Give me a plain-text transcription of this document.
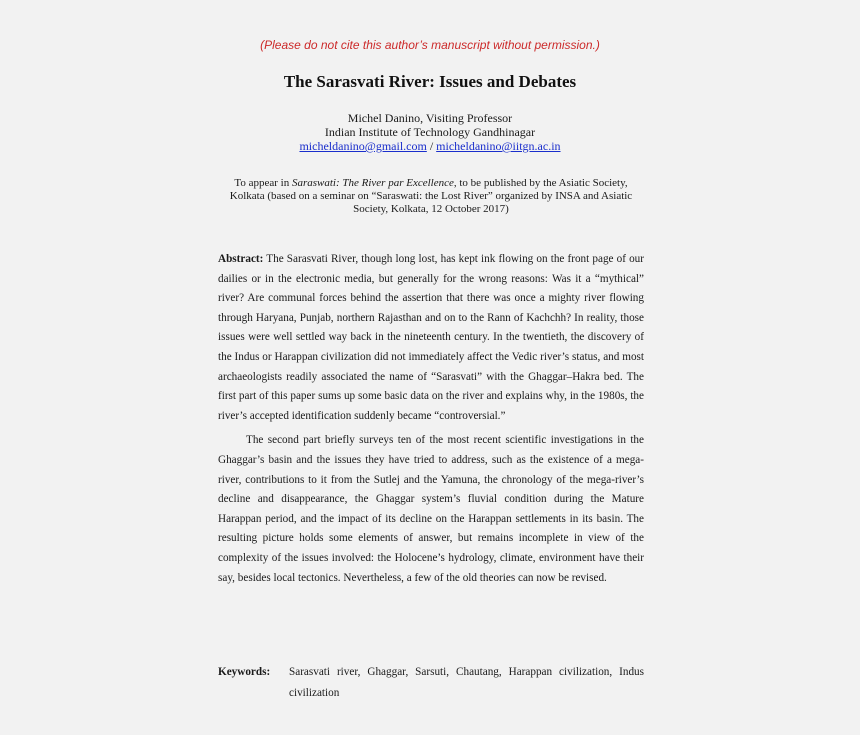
(Please do not cite this author’s manuscript without permission.)
The Sarasvati River: Issues and Debates
Michel Danino, Visiting Professor
Indian Institute of Technology Gandhinagar
micheldanino@gmail.com / micheldanino@iitgn.ac.in
To appear in Saraswati: The River par Excellence, to be published by the Asiatic Society, Kolkata (based on a seminar on “Saraswati: the Lost River” organized by INSA and Asiatic Society, Kolkata, 12 October 2017)

Abstract: The Sarasvati River, though long lost, has kept ink flowing on the front page of our dailies or in the electronic media, but generally for the wrong reasons: Was it a “mythical” river? Are communal forces behind the assertion that there was once a mighty river flowing through Haryana, Punjab, northern Rajasthan and on to the Rann of Kachchh? In reality, those issues were well settled way back in the nineteenth century. In the twentieth, the discovery of the Indus or Harappan civilization did not immediately affect the Vedic river’s status, and most archaeologists readily associated the name of “Sarasvati” with the Ghaggar–Hakra bed. The first part of this paper sums up some basic data on the river and explains why, in the 1980s, the river’s accepted identification suddenly became “controversial.”

The second part briefly surveys ten of the most recent scientific investigations in the Ghaggar’s basin and the issues they have tried to address, such as the existence of a mega-river, contributions to it from the Sutlej and the Yamuna, the chronology of the mega-river’s decline and disappearance, the Ghaggar system’s fluvial condition during the Mature Harappan period, and the impact of its decline on the Harappan settlements in its basin. The resulting picture holds some elements of answer, but remains incomplete in view of the complexity of the issues involved: the Holocene’s hydrology, climate, environment have their say, besides local tectonics. Nevertheless, a few of the old theories can now be revised.

Keywords:	Sarasvati river, Ghaggar, Sarsuti, Chautang, Harappan civilization, Indus civilization
